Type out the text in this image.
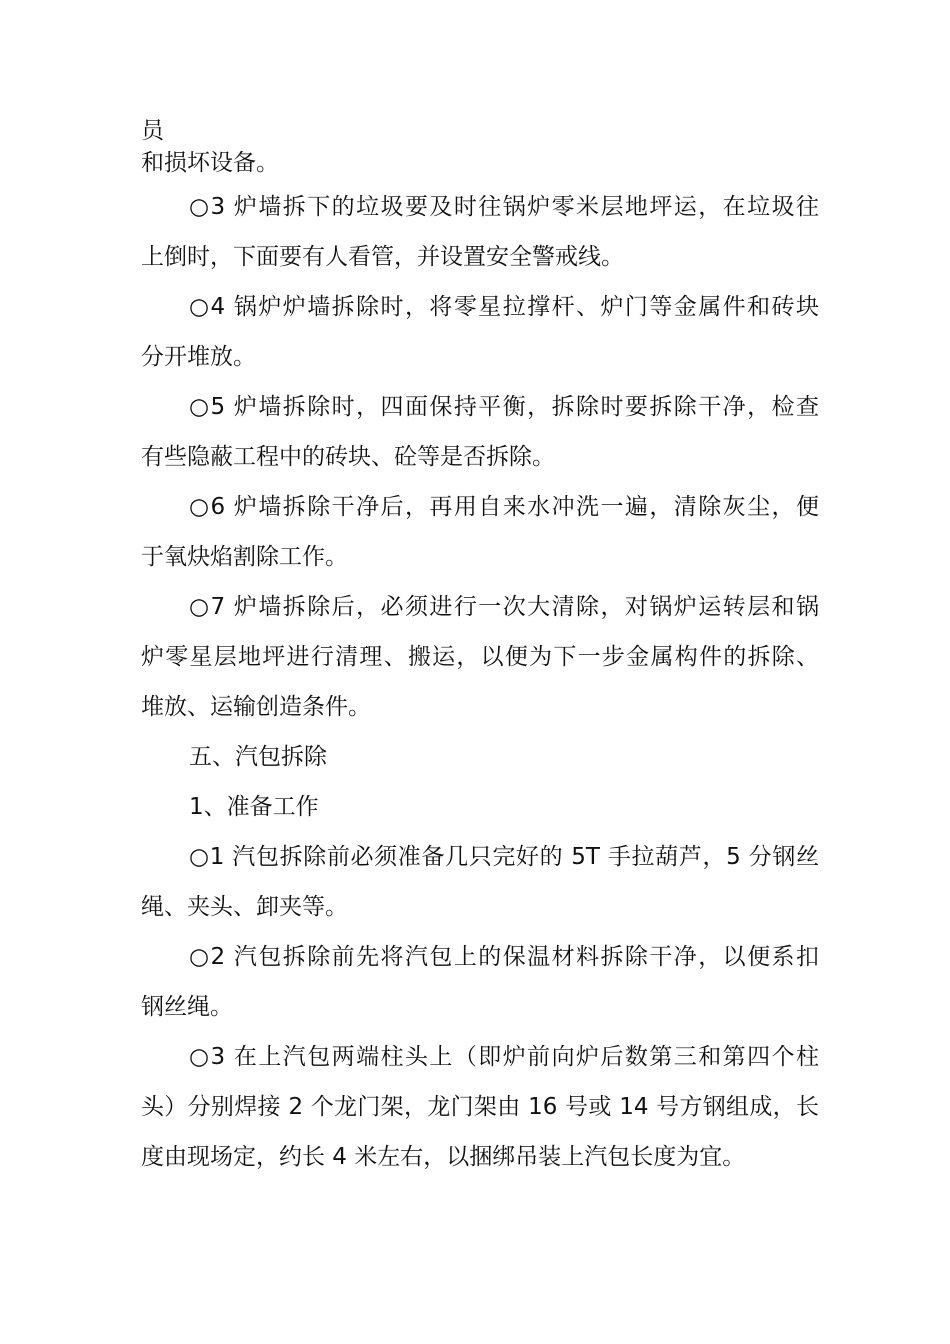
员
和损坏设备。
○3 炉墙拆下的垃圾要及时往锅炉零米层地坪运，在垃圾往
上倒时，下面要有人看管，并设置安全警戒线。
○4 锅炉炉墙拆除时，将零星拉撑杆、炉门等金属件和砖块
分开堆放。
○5 炉墙拆除时，四面保持平衡，拆除时要拆除干净，检查
有些隐蔽工程中的砖块、砼等是否拆除。
○6 炉墙拆除干净后，再用自来水冲洗一遍，清除灰尘，便
于氧炔焰割除工作。
○7 炉墙拆除后，必须进行一次大清除，对锅炉运转层和锅
炉零星层地坪进行清理、搬运，以便为下一步金属构件的拆除、
堆放、运输创造条件。
五、汽包拆除
1、准备工作
○1 汽包拆除前必须准备几只完好的 5T 手拉葫芦，5 分钢丝
绳、夹头、卸夹等。
○2 汽包拆除前先将汽包上的保温材料拆除干净，以便系扣
钢丝绳。
○3 在上汽包两端柱头上（即炉前向炉后数第三和第四个柱
头）分别焊接 2 个龙门架，龙门架由 16 号或 14 号方钢组成，长
度由现场定，约长 4 米左右，以捆绑吊装上汽包长度为宜。
